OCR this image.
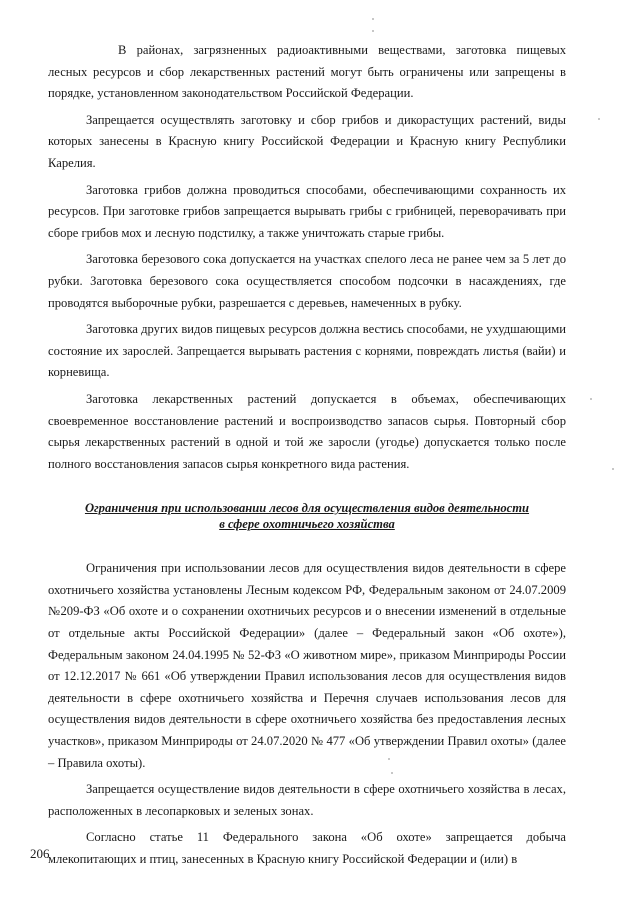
В районах, загрязненных радиоактивными веществами, заготовка пищевых лесных ресурсов и сбор лекарственных растений могут быть ограничены или запрещены в порядке, установленном законодательством Российской Федерации.

Запрещается осуществлять заготовку и сбор грибов и дикорастущих растений, виды которых занесены в Красную книгу Российской Федерации и Красную книгу Республики Карелия.

Заготовка грибов должна проводиться способами, обеспечивающими сохранность их ресурсов. При заготовке грибов запрещается вырывать грибы с грибницей, переворачивать при сборе грибов мох и лесную подстилку, а также уничтожать старые грибы.

Заготовка березового сока допускается на участках спелого леса не ранее чем за 5 лет до рубки. Заготовка березового сока осуществляется способом подсочки в насаждениях, где проводятся выборочные рубки, разрешается с деревьев, намеченных в рубку.

Заготовка других видов пищевых ресурсов должна вестись способами, не ухудшающими состояние их зарослей. Запрещается вырывать растения с корнями, повреждать листья (вайи) и корневища.

Заготовка лекарственных растений допускается в объемах, обеспечивающих своевременное восстановление растений и воспроизводство запасов сырья. Повторный сбор сырья лекарственных растений в одной и той же заросли (угодье) допускается только после полного восстановления запасов сырья конкретного вида растения.

Ограничения при использовании лесов для осуществления видов деятельности
в сфере охотничьего хозяйства

Ограничения при использовании лесов для осуществления видов деятельности в сфере охотничьего хозяйства установлены Лесным кодексом РФ, Федеральным законом от 24.07.2009 №209-ФЗ «Об охоте и о сохранении охотничьих ресурсов и о внесении изменений в отдельные от отдельные акты Российской Федерации» (далее – Федеральный закон «Об охоте»), Федеральным законом 24.04.1995 № 52-ФЗ «О животном мире», приказом Минприроды России от 12.12.2017 № 661 «Об утверждении Правил использования лесов для осуществления видов деятельности в сфере охотничьего хозяйства и Перечня случаев использования лесов для осуществления видов деятельности в сфере охотничьего хозяйства без предоставления лесных участков», приказом Минприроды от 24.07.2020 № 477 «Об утверждении Правил охоты» (далее – Правила охоты).

Запрещается осуществление видов деятельности в сфере охотничьего хозяйства в лесах, расположенных в лесопарковых и зеленых зонах.

Согласно статье 11 Федерального закона «Об охоте» запрещается добыча млекопитающих и птиц, занесенных в Красную книгу Российской Федерации и (или) в

206
